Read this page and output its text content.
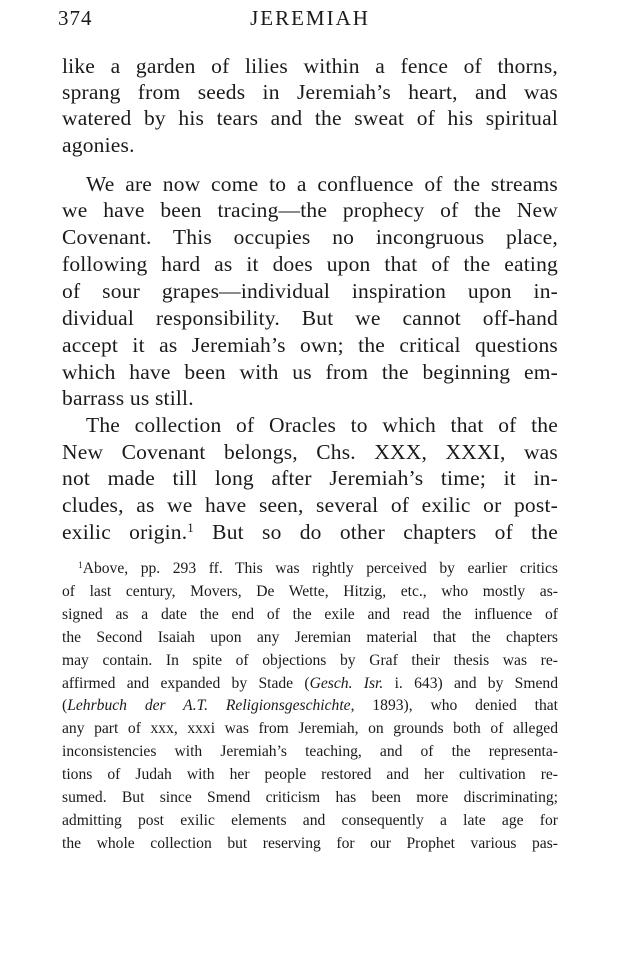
374	JEREMIAH
like a garden of lilies within a fence of thorns,
sprang from seeds in Jeremiah’s heart, and was
watered by his tears and the sweat of his spiritual
agonies.
We are now come to a confluence of the streams
we have been tracing—the prophecy of the New
Covenant. This occupies no incongruous place,
following hard as it does upon that of the eating
of sour grapes—individual inspiration upon in-
dividual responsibility. But we cannot off-hand
accept it as Jeremiah’s own; the critical questions
which have been with us from the beginning em-
barrass us still.
The collection of Oracles to which that of the
New Covenant belongs, Chs. XXX, XXXI, was
not made till long after Jeremiah’s time; it in-
cludes, as we have seen, several of exilic or post-
exilic origin.$^1$ But so do other chapters of the
$^1$Above, pp. 293 ff. This was rightly perceived by earlier critics
of last century, Movers, De Wette, Hitzig, etc., who mostly as-
signed as a date the end of the exile and read the influence of
the Second Isaiah upon any Jeremian material that the chapters
may contain. In spite of objections by Graf their thesis was re-
affirmed and expanded by Stade (Gesch. Isr. i. 643) and by Smend
(Lehrbuch der A.T. Religionsgeschichte, 1893), who denied that
any part of xxx, xxxi was from Jeremiah, on grounds both of alleged
inconsistencies with Jeremiah’s teaching, and of the representa-
tions of Judah with her people restored and her cultivation re-
sumed. But since Smend criticism has been more discriminating;
admitting post exilic elements and consequently a late age for
the whole collection but reserving for our Prophet various pas-
